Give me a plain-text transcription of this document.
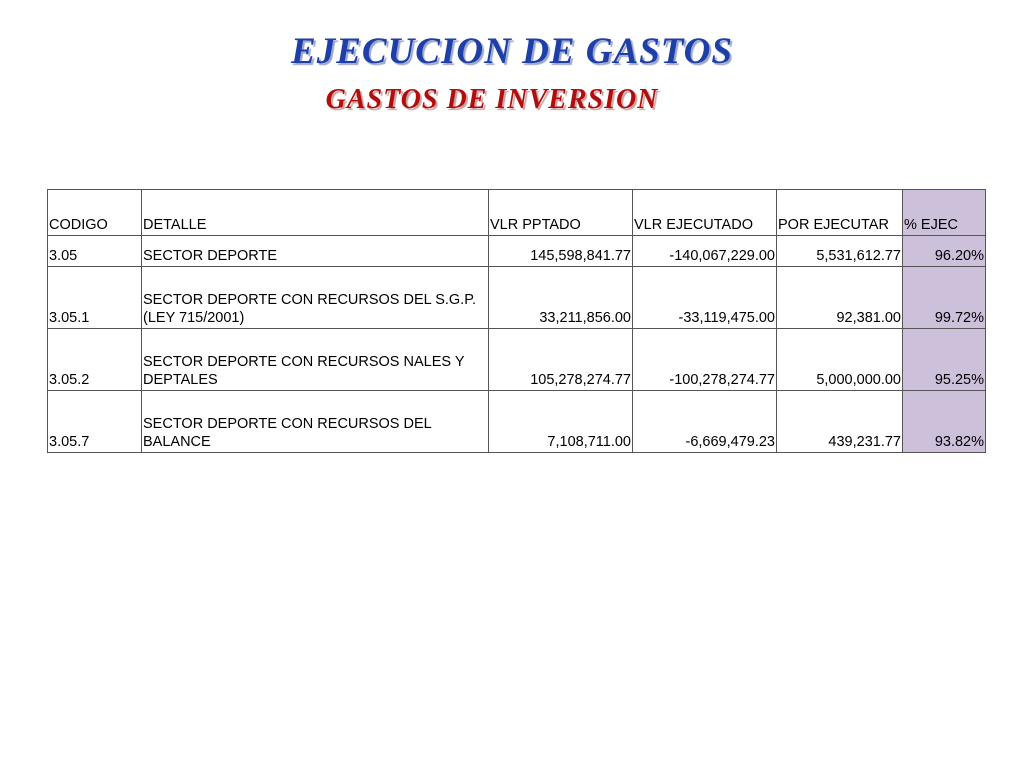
EJECUCION DE GASTOS
GASTOS DE INVERSION
CODIGO	DETALLE	VLR PPTADO	VLR EJECUTADO	POR EJECUTAR	% EJEC
3.05	SECTOR DEPORTE	145,598,841.77	-140,067,229.00	5,531,612.77	96.20%
3.05.1	SECTOR DEPORTE CON RECURSOS DEL S.G.P. (LEY 715/2001)	33,211,856.00	-33,119,475.00	92,381.00	99.72%
3.05.2	SECTOR DEPORTE CON RECURSOS NALES Y DEPTALES	105,278,274.77	-100,278,274.77	5,000,000.00	95.25%
3.05.7	SECTOR DEPORTE CON RECURSOS DEL BALANCE	7,108,711.00	-6,669,479.23	439,231.77	93.82%
